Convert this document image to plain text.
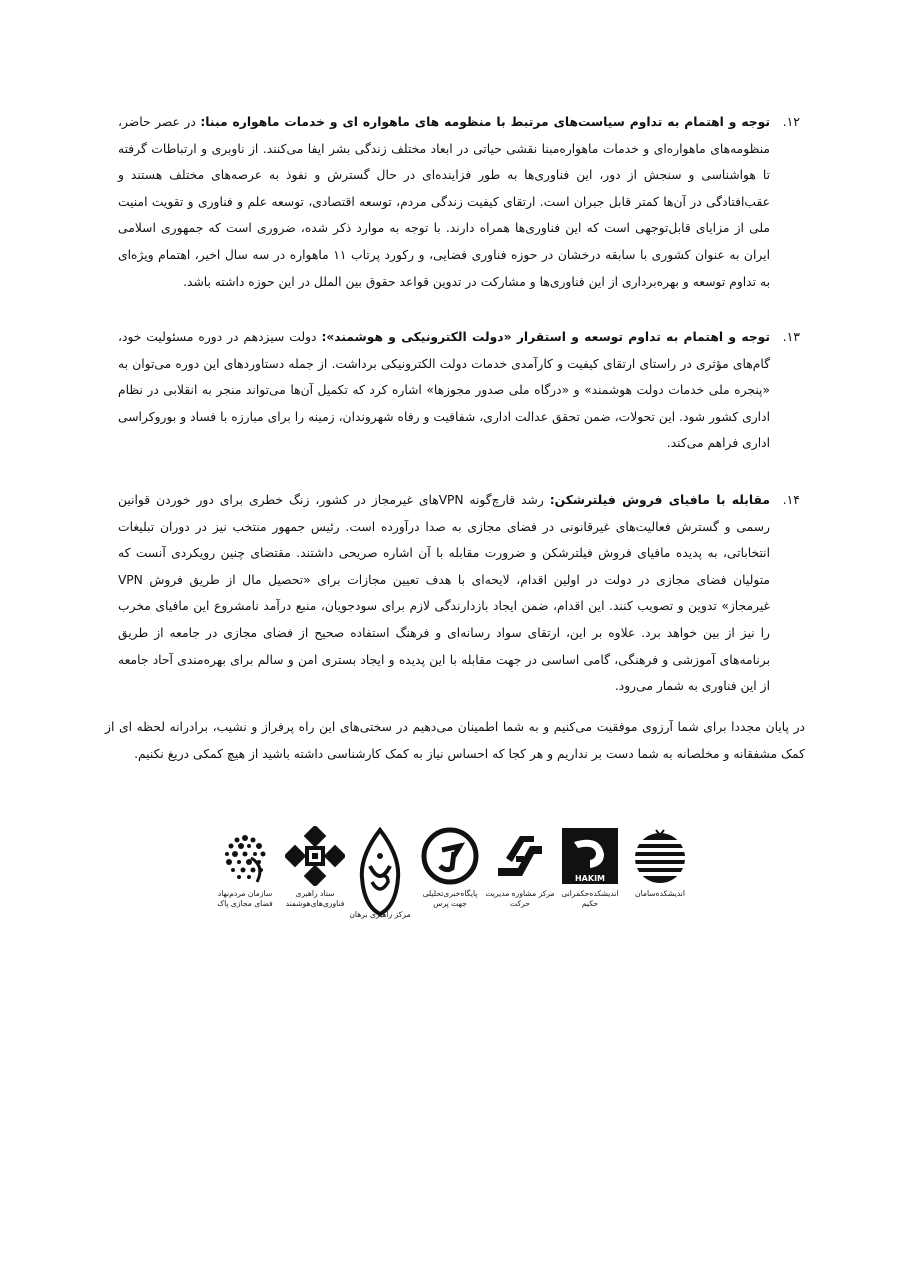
۱۲.
توجه و اهتمام به تداوم سیاست‌های مرتبط با منظومه های ماهواره ای و خدمات ماهواره مبنا: در عصر حاضر، منظومه‌های ماهواره‌ای و خدمات ماهواره‌مبنا نقشی حیاتی در ابعاد مختلف زندگی بشر ایفا می‌کنند. از ناوبری و ارتباطات گرفته تا هواشناسی و سنجش از دور، این فناوری‌ها به طور فزاینده‌ای در حال گسترش و نفوذ به عرصه‌های مختلف هستند و عقب‌افتادگی در آن‌ها کمتر قابل جبران است. ارتقای کیفیت زندگی مردم، توسعه اقتصادی، توسعه علم و فناوری و تقویت امنیت ملی از مزایای قابل‌توجهی است که این فناوری‌ها همراه دارند. با توجه به موارد ذکر شده، ضروری است که جمهوری اسلامی ایران به عنوان کشوری با سابقه درخشان در حوزه فناوری فضایی، و رکورد پرتاب ۱۱ ماهواره در سه سال اخیر، اهتمام ویژه‌ای به تداوم توسعه و بهره‌برداری از این فناوری‌ها و مشارکت در تدوین قواعد حقوق بین الملل در این حوزه داشته باشد.
۱۳.
توجه و اهتمام به تداوم توسعه و استقرار «دولت الکترونیکی و هوشمند»: دولت سیزدهم در دوره مسئولیت خود، گام‌های مؤثری در راستای ارتقای کیفیت و کارآمدی خدمات دولت الکترونیکی برداشت. از جمله دستاوردهای این دوره می‌توان به «پنجره ملی خدمات دولت هوشمند» و «درگاه ملی صدور مجوزها» اشاره کرد که تکمیل آن‌ها می‌تواند منجر به انقلابی در نظام اداری کشور شود. این تحولات، ضمن تحقق عدالت اداری، شفافیت و رفاه شهروندان، زمینه را برای مبارزه با فساد و بوروکراسی اداری فراهم می‌کند.
۱۴.
مقابله با مافیای فروش فیلترشکن: رشد قارچ‌گونه VPNهای غیرمجاز در کشور، زنگ خطری برای دور خوردن قوانین رسمی و گسترش فعالیت‌های غیرقانونی در فضای مجازی به صدا درآورده است. رئیس جمهور منتخب نیز در دوران تبلیغات انتخاباتی، به پدیده مافیای فروش فیلترشکن و ضرورت مقابله با آن اشاره صریحی داشتند. مقتضای چنین رویکردی آنست که متولیان فضای مجازی در دولت در اولین اقدام، لایحه‌ای با هدف تعیین مجازات برای «تحصیل مال از طریق فروش VPN غیرمجاز» تدوین و تصویب کنند. این اقدام، ضمن ایجاد بازدارندگی لازم برای سودجویان، منبع درآمد نامشروع این مافیای مخرب را نیز از بین خواهد برد. علاوه بر این، ارتقای سواد رسانه‌ای و فرهنگ استفاده صحیح از فضای مجازی در جامعه از طریق برنامه‌های آموزشی و فرهنگی، گامی اساسی در جهت مقابله با این پدیده و ایجاد بستری امن و سالم برای بهره‌مندی آحاد جامعه از این فناوری به شمار می‌رود.
در پایان مجددا برای شما آرزوی موفقیت می‌کنیم و به شما اطمینان می‌دهیم در سختی‌های این راه پرفراز و نشیب، برادرانه لحظه ای از کمک مشفقانه و مخلصانه به شما دست بر نداریم و هر کجا که احساس نیاز به کمک کارشناسی داشته باشید از هیچ کمکی دریغ نکنیم.
اندیشکده‌سامان
HAKIM
اندیشکده‌حکمرانی
حکیم
مرکز مشاوره مدیریت
حرکت
پایگاه‌خبری‌تحلیلی
جهت پرس
مرکز راهبری برهان
ستاد راهبری
فناوری‌های‌هوشمند
سازمان مردم‌نهاد
فضای مجازی پاک
